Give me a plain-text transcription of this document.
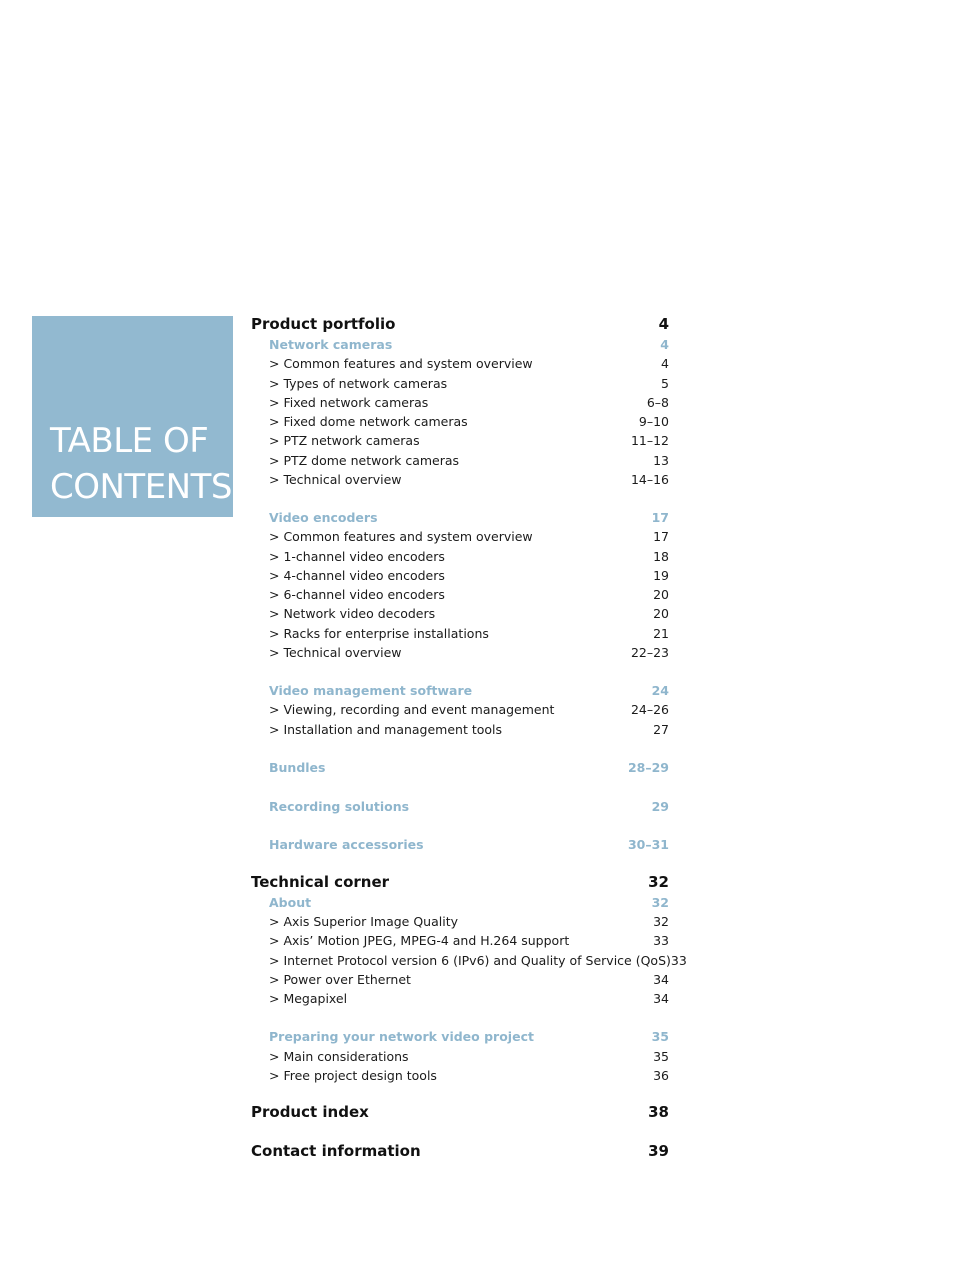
TABLE OF
CONTENTS
Product portfolio	4
Network cameras	4
> Common features and system overview	4
> Types of network cameras	5
> Fixed network cameras	6–8
> Fixed dome network cameras	9–10
> PTZ network cameras	11–12
> PTZ dome network cameras	13
> Technical overview	14–16
Video encoders	17
> Common features and system overview	17
> 1-channel video encoders	18
> 4-channel video encoders	19
> 6-channel video encoders	20
> Network video decoders	20
> Racks for enterprise installations	21
> Technical overview	22–23
Video management software	24
> Viewing, recording and event management	24–26
> Installation and management tools	27
Bundles	28–29
Recording solutions	29
Hardware accessories	30–31
Technical corner	32
About	32
> Axis Superior Image Quality	32
> Axis’ Motion JPEG, MPEG-4 and H.264 support	33
> Internet Protocol version 6 (IPv6) and Quality of Service (QoS) 33
> Power over Ethernet	34
> Megapixel	34
Preparing your network video project	35
> Main considerations	35
> Free project design tools	36
Product index	38
Contact information	39
